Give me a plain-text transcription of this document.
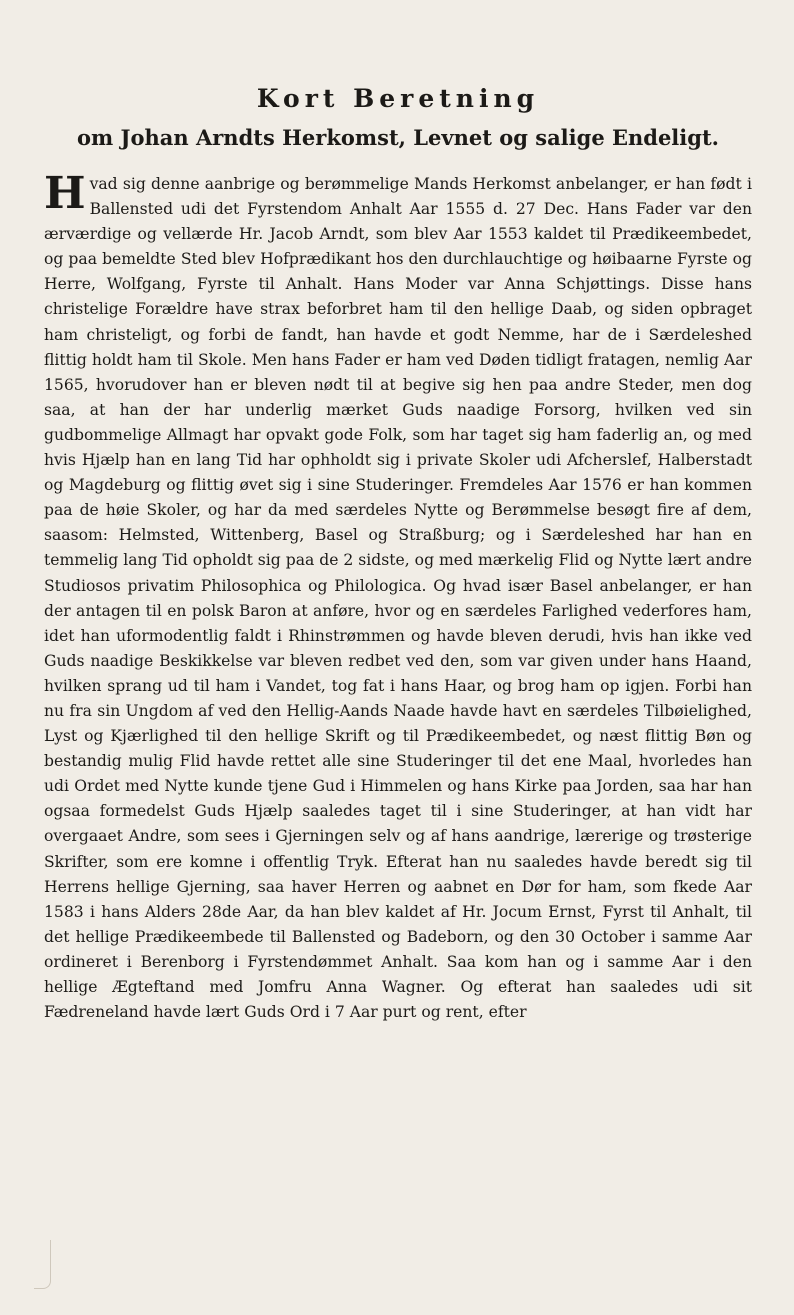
Kort Beretning
om Johan Arndts Herkomst, Levnet og salige Endeligt.

Hvad sig denne aanbrige og berømmelige Mands Herkomst anbelanger, er han født i Ballensted udi det Fyrstendom Anhalt Aar 1555 d. 27 Dec. Hans Fader var den ærværdige og vellærde Hr. Jacob Arndt, som blev Aar 1553 kaldet til Prædikeembedet, og paa bemeldte Sted blev Hofprædikant hos den durchlauchtige og høibaarne Fyrste og Herre, Wolfgang, Fyrste til Anhalt. Hans Moder var Anna Schjøttings. Disse hans christelige Forældre have strax beforbret ham til den hellige Daab, og siden opbraget ham christeligt, og forbi de fandt, han havde et godt Nemme, har de i Særdeleshed flittig holdt ham til Skole. Men hans Fader er ham ved Døden tidligt fratagen, nemlig Aar 1565, hvorudover han er bleven nødt til at begive sig hen paa andre Steder, men dog saa, at han der har underlig mærket Guds naadige Forsorg, hvilken ved sin gudbommelige Allmagt har opvakt gode Folk, som har taget sig ham faderlig an, og med hvis Hjælp han en lang Tid har ophholdt sig i private Skoler udi Afcherslef, Halberstadt og Magdeburg og flittig øvet sig i sine Studeringer. Fremdeles Aar 1576 er han kommen paa de høie Skoler, og har da med særdeles Nytte og Berømmelse besøgt fire af dem, saasom: Helmsted, Wittenberg, Basel og Straßburg; og i Særdeleshed har han en temmelig lang Tid opholdt sig paa de 2 sidste, og med mærkelig Flid og Nytte lært andre Studiosos privatim Philosophica og Philologica. Og hvad især Basel anbelanger, er han der antagen til en polsk Baron at anføre, hvor og en særdeles Farlighed vederfores ham, idet han uformodentlig faldt i Rhinstrømmen og havde bleven derudi, hvis han ikke ved Guds naadige Beskikkelse var bleven redbet ved den, som var given under hans Haand, hvilken sprang ud til ham i Vandet, tog fat i hans Haar, og brog ham op igjen. Forbi han nu fra sin Ungdom af ved den Hellig-Aands Naade havde havt en særdeles Tilbøielighed, Lyst og Kjærlighed til den hellige Skrift og til Prædikeembedet, og næst flittig Bøn og bestandig mulig Flid havde rettet alle sine Studeringer til det ene Maal, hvorledes han udi Ordet med Nytte kunde tjene Gud i Himmelen og hans Kirke paa Jorden, saa har han ogsaa formedelst Guds Hjælp saaledes taget til i sine Studeringer, at han vidt har overgaaet Andre, som sees i Gjerningen selv og af hans aandrige, lærerige og trøsterige Skrifter, som ere komne i offentlig Tryk. Efterat han nu saaledes havde beredt sig til Herrens hellige Gjerning, saa haver Herren og aabnet en Dør for ham, som fkede Aar 1583 i hans Alders 28de Aar, da han blev kaldet af Hr. Jocum Ernst, Fyrst til Anhalt, til det hellige Prædikeembede til Ballensted og Badeborn, og den 30 October i samme Aar ordineret i Berenborg i Fyrstendømmet Anhalt. Saa kom han og i samme Aar i den hellige Ægteftand med Jomfru Anna Wagner. Og efterat han saaledes udi sit Fædreneland havde lært Guds Ord i 7 Aar purt og rent, efter
